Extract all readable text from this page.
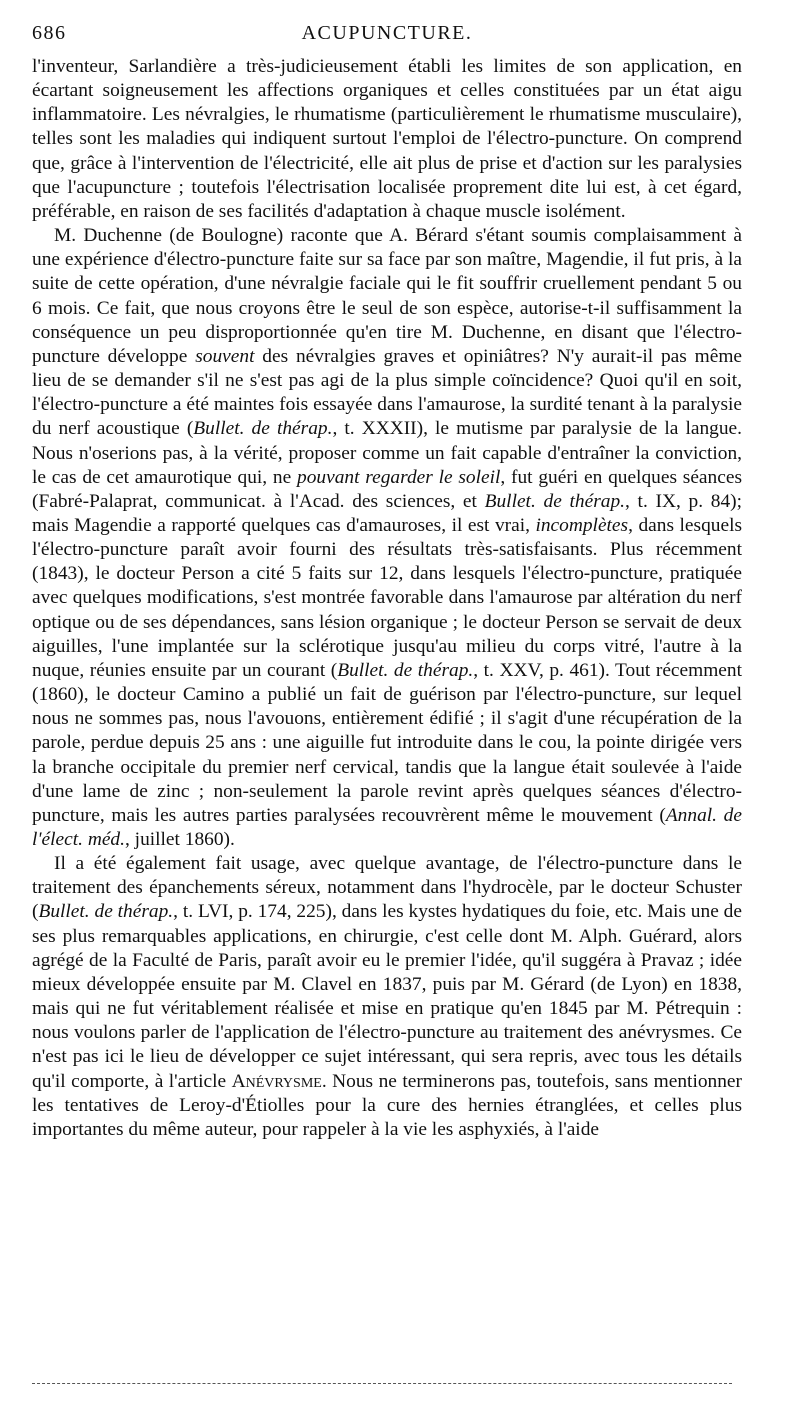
686	ACUPUNCTURE.

l'inventeur, Sarlandière a très-judicieusement établi les limites de son application, en écartant soigneusement les affections organiques et celles constituées par un état aigu inflammatoire. Les névralgies, le rhumatisme (particulièrement le rhumatisme musculaire), telles sont les maladies qui indiquent surtout l'emploi de l'électro-puncture. On comprend que, grâce à l'intervention de l'électricité, elle ait plus de prise et d'action sur les paralysies que l'acupuncture ; toutefois l'électrisation localisée proprement dite lui est, à cet égard, préférable, en raison de ses facilités d'adaptation à chaque muscle isolément.

M. Duchenne (de Boulogne) raconte que A. Bérard s'étant soumis complaisamment à une expérience d'électro-puncture faite sur sa face par son maître, Magendie, il fut pris, à la suite de cette opération, d'une névralgie faciale qui le fit souffrir cruellement pendant 5 ou 6 mois. Ce fait, que nous croyons être le seul de son espèce, autorise-t-il suffisamment la conséquence un peu disproportionnée qu'en tire M. Duchenne, en disant que l'électro-puncture développe souvent des névralgies graves et opiniâtres? N'y aurait-il pas même lieu de se demander s'il ne s'est pas agi de la plus simple coïncidence? Quoi qu'il en soit, l'électro-puncture a été maintes fois essayée dans l'amaurose, la surdité tenant à la paralysie du nerf acoustique (Bullet. de thérap., t. XXXII), le mutisme par paralysie de la langue. Nous n'oserions pas, à la vérité, proposer comme un fait capable d'entraîner la conviction, le cas de cet amaurotique qui, ne pouvant regarder le soleil, fut guéri en quelques séances (Fabré-Palaprat, communicat. à l'Acad. des sciences, et Bullet. de thérap., t. IX, p. 84); mais Magendie a rapporté quelques cas d'amauroses, il est vrai, incomplètes, dans lesquels l'électro-puncture paraît avoir fourni des résultats très-satisfaisants. Plus récemment (1843), le docteur Person a cité 5 faits sur 12, dans lesquels l'électro-puncture, pratiquée avec quelques modifications, s'est montrée favorable dans l'amaurose par altération du nerf optique ou de ses dépendances, sans lésion organique ; le docteur Person se servait de deux aiguilles, l'une implantée sur la sclérotique jusqu'au milieu du corps vitré, l'autre à la nuque, réunies ensuite par un courant (Bullet. de thérap., t. XXV, p. 461). Tout récemment (1860), le docteur Camino a publié un fait de guérison par l'électro-puncture, sur lequel nous ne sommes pas, nous l'avouons, entièrement édifié ; il s'agit d'une récupération de la parole, perdue depuis 25 ans : une aiguille fut introduite dans le cou, la pointe dirigée vers la branche occipitale du premier nerf cervical, tandis que la langue était soulevée à l'aide d'une lame de zinc ; non-seulement la parole revint après quelques séances d'électro-puncture, mais les autres parties paralysées recouvrèrent même le mouvement (Annal. de l'élect. méd., juillet 1860).

Il a été également fait usage, avec quelque avantage, de l'électro-puncture dans le traitement des épanchements séreux, notamment dans l'hydrocèle, par le docteur Schuster (Bullet. de thérap., t. LVI, p. 174, 225), dans les kystes hydatiques du foie, etc. Mais une de ses plus remarquables applications, en chirurgie, c'est celle dont M. Alph. Guérard, alors agrégé de la Faculté de Paris, paraît avoir eu le premier l'idée, qu'il suggéra à Pravaz ; idée mieux développée ensuite par M. Clavel en 1837, puis par M. Gérard (de Lyon) en 1838, mais qui ne fut véritablement réalisée et mise en pratique qu'en 1845 par M. Pétrequin : nous voulons parler de l'application de l'électro-puncture au traitement des anévrysmes. Ce n'est pas ici le lieu de développer ce sujet intéressant, qui sera repris, avec tous les détails qu'il comporte, à l'article Anévrysme. Nous ne terminerons pas, toutefois, sans mentionner les tentatives de Leroy-d'Étiolles pour la cure des hernies étranglées, et celles plus importantes du même auteur, pour rappeler à la vie les asphyxiés, à l'aide
